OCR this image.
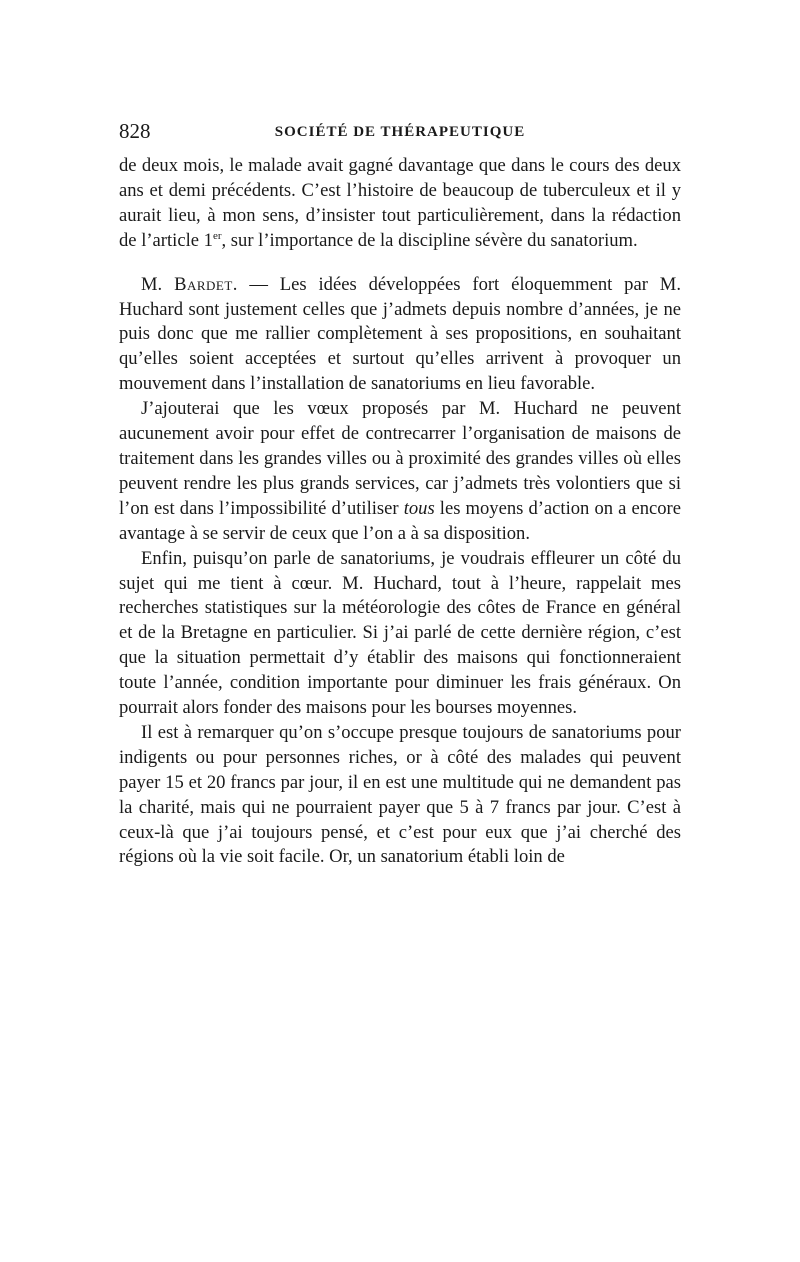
828	SOCIÉTÉ DE THÉRAPEUTIQUE

de deux mois, le malade avait gagné davantage que dans le cours des deux ans et demi précédents. C’est l’histoire de beaucoup de tuberculeux et il y aurait lieu, à mon sens, d’insister tout particulièrement, dans la rédaction de l’article 1er, sur l’importance de la discipline sévère du sanatorium.

M. Bardet. — Les idées développées fort éloquemment par M. Huchard sont justement celles que j’admets depuis nombre d’années, je ne puis donc que me rallier complètement à ses propositions, en souhaitant qu’elles soient acceptées et surtout qu’elles arrivent à provoquer un mouvement dans l’installation de sanatoriums en lieu favorable.

J’ajouterai que les vœux proposés par M. Huchard ne peuvent aucunement avoir pour effet de contrecarrer l’organisation de maisons de traitement dans les grandes villes ou à proximité des grandes villes où elles peuvent rendre les plus grands services, car j’admets très volontiers que si l’on est dans l’impossibilité d’utiliser tous les moyens d’action on a encore avantage à se servir de ceux que l’on a à sa disposition.

Enfin, puisqu’on parle de sanatoriums, je voudrais effleurer un côté du sujet qui me tient à cœur. M. Huchard, tout à l’heure, rappelait mes recherches statistiques sur la météorologie des côtes de France en général et de la Bretagne en particulier. Si j’ai parlé de cette dernière région, c’est que la situation permettait d’y établir des maisons qui fonctionneraient toute l’année, condition importante pour diminuer les frais généraux. On pourrait alors fonder des maisons pour les bourses moyennes.

Il est à remarquer qu’on s’occupe presque toujours de sanatoriums pour indigents ou pour personnes riches, or à côté des malades qui peuvent payer 15 et 20 francs par jour, il en est une multitude qui ne demandent pas la charité, mais qui ne pourraient payer que 5 à 7 francs par jour. C’est à ceux-là que j’ai toujours pensé, et c’est pour eux que j’ai cherché des régions où la vie soit facile. Or, un sanatorium établi loin de
